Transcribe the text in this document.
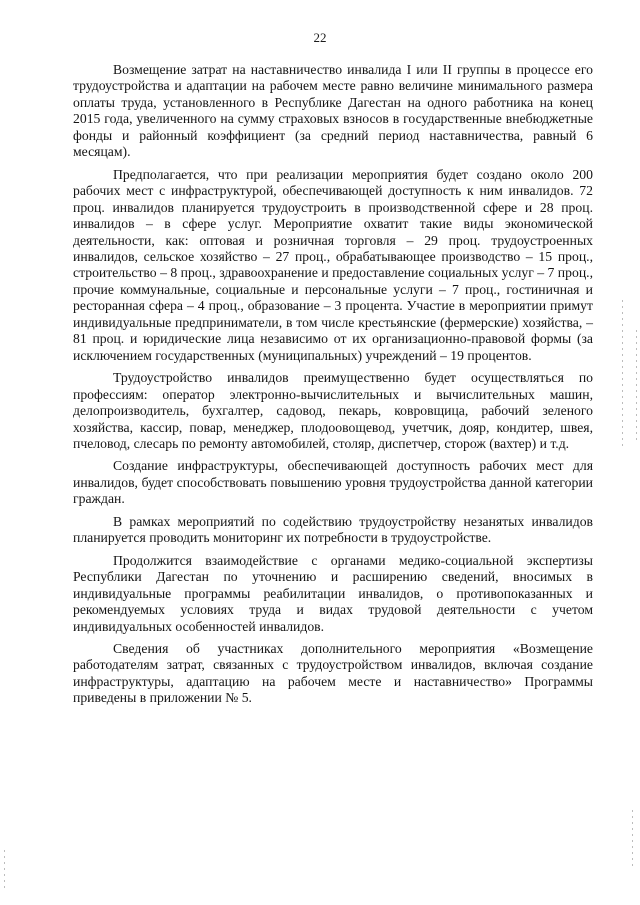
22

Возмещение затрат на наставничество инвалида I или II группы в процессе его трудоустройства и адаптации на рабочем месте равно величине минимального размера оплаты труда, установленного в Республике Дагестан на одного работника на конец 2015 года, увеличенного на сумму страховых взносов в государственные внебюджетные фонды и районный коэффициент (за средний период наставничества, равный 6 месяцам).

Предполагается, что при реализации мероприятия будет создано около 200 рабочих мест с инфраструктурой, обеспечивающей доступность к ним инвалидов. 72 проц. инвалидов планируется трудоустроить в производственной сфере и 28 проц. инвалидов – в сфере услуг. Мероприятие охватит такие виды экономической деятельности, как: оптовая и розничная торговля – 29 проц. трудоустроенных инвалидов, сельское хозяйство – 27 проц., обрабатывающее производство – 15 проц., строительство – 8 проц., здравоохранение и предоставление социальных услуг – 7 проц., прочие коммунальные, социальные и персональные услуги – 7 проц., гостиничная и ресторанная сфера – 4 проц., образование – 3 процента. Участие в мероприятии примут индивидуальные предприниматели, в том числе крестьянские (фермерские) хозяйства, – 81 проц. и юридические лица независимо от их организационно-правовой формы (за исключением государственных (муниципальных) учреждений – 19 процентов.

Трудоустройство инвалидов преимущественно будет осуществляться по профессиям: оператор электронно-вычислительных и вычислительных машин, делопроизводитель, бухгалтер, садовод, пекарь, ковровщица, рабочий зеленого хозяйства, кассир, повар, менеджер, плодоовощевод, учетчик, дояр, кондитер, швея, пчеловод, слесарь по ремонту автомобилей, столяр, диспетчер, сторож (вахтер) и т.д.

Создание инфраструктуры, обеспечивающей доступность рабочих мест для инвалидов, будет способствовать повышению уровня трудоустройства данной категории граждан.

В рамках мероприятий по содействию трудоустройству незанятых инвалидов планируется проводить мониторинг их потребности в трудоустройстве.

Продолжится взаимодействие с органами медико-социальной экспертизы Республики Дагестан по уточнению и расширению сведений, вносимых в индивидуальные программы реабилитации инвалидов, о противопоказанных и рекомендуемых условиях труда и видах трудовой деятельности с учетом индивидуальных особенностей инвалидов.

Сведения об участниках дополнительного мероприятия «Возмещение работодателям затрат, связанных с трудоустройством инвалидов, включая создание инфраструктуры, адаптацию на рабочем месте и наставничество» Программы приведены в приложении № 5.
